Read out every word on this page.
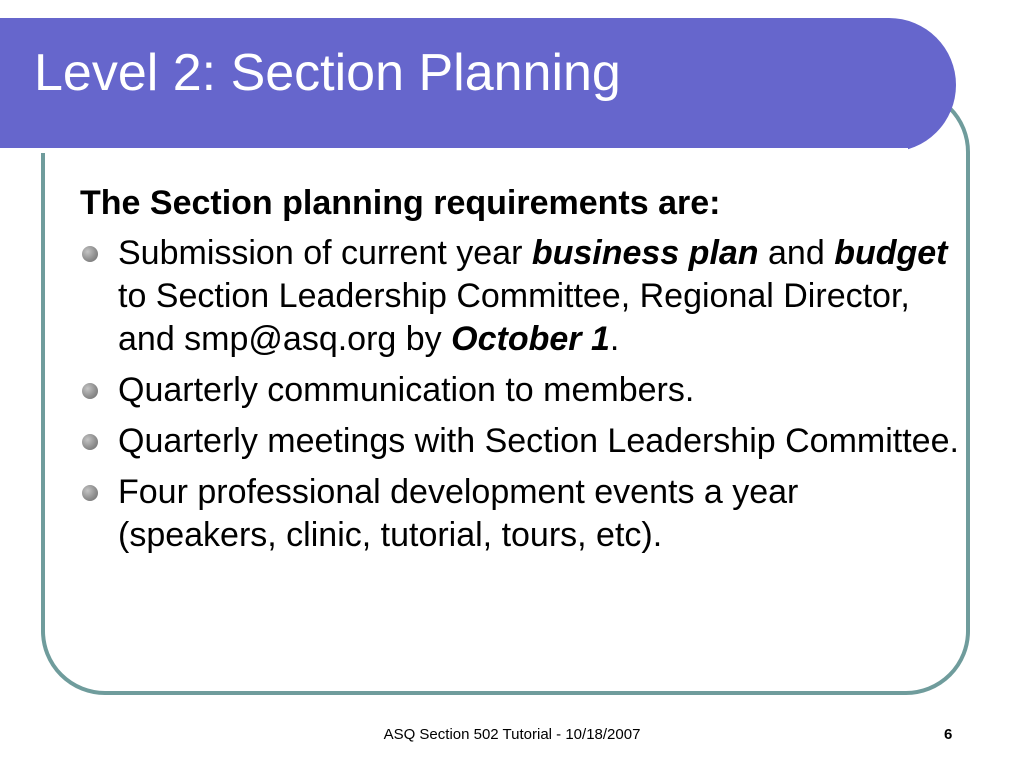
Level 2: Section Planning

The Section planning requirements are:

Submission of current year business plan and budget to Section Leadership Committee, Regional Director, and smp@asq.org by October 1.
Quarterly communication to members.
Quarterly meetings with Section Leadership Committee.
Four professional development events a year (speakers, clinic, tutorial, tours, etc).
ASQ Section 502 Tutorial - 10/18/2007	6
